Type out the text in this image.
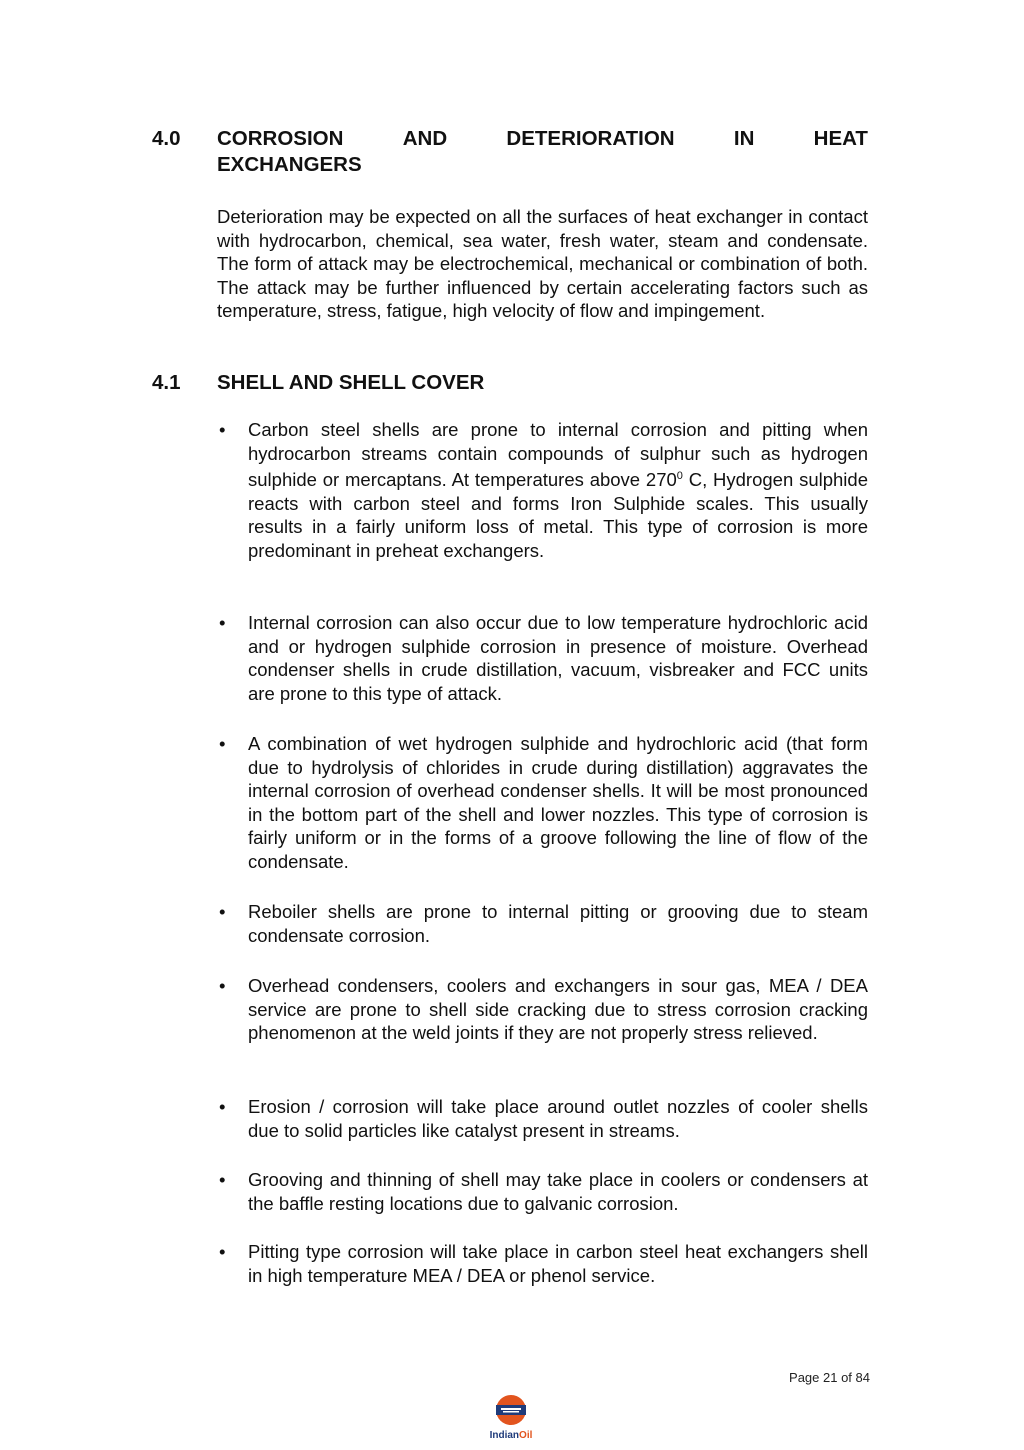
4.0 CORROSION	AND	DETERIORATION	IN	HEAT
EXCHANGERS
Deterioration may be expected on all the surfaces of heat exchanger in contact with hydrocarbon, chemical, sea water, fresh water, steam and condensate. The form of attack may be electrochemical, mechanical or combination of both. The attack may be further influenced by certain accelerating factors such as temperature, stress, fatigue, high velocity of flow and impingement.
4.1 SHELL AND SHELL COVER
•	Carbon steel shells are prone to internal corrosion and pitting when hydrocarbon streams contain compounds of sulphur such as hydrogen sulphide or mercaptans. At temperatures above $270^0$ C, Hydrogen sulphide reacts with carbon steel and forms Iron Sulphide scales. This usually results in a fairly uniform loss of metal. This type of corrosion is more predominant in preheat exchangers.
•	Internal corrosion can also occur due to low temperature hydrochloric acid and or hydrogen sulphide corrosion in presence of moisture. Overhead condenser shells in crude distillation, vacuum, visbreaker and FCC units are prone to this type of attack.
•	A combination of wet hydrogen sulphide and hydrochloric acid (that form due to hydrolysis of chlorides in crude during distillation) aggravates the internal corrosion of overhead condenser shells. It will be most pronounced in the bottom part of the shell and lower nozzles. This type of corrosion is fairly uniform or in the forms of a groove following the line of flow of the condensate.
•	Reboiler shells are prone to internal pitting or grooving due to steam condensate corrosion.
•	Overhead condensers, coolers and exchangers in sour gas, MEA / DEA service are prone to shell side cracking due to stress corrosion cracking phenomenon at the weld joints if they are not properly stress relieved.
•	Erosion / corrosion will take place around outlet nozzles of cooler shells due to solid particles like catalyst present in streams.
•	Grooving and thinning of shell may take place in coolers or condensers at the baffle resting locations due to galvanic corrosion.
•	Pitting type corrosion will take place in carbon steel heat exchangers shell in high temperature MEA / DEA or phenol service.
Page 21 of 84
IndianOil
